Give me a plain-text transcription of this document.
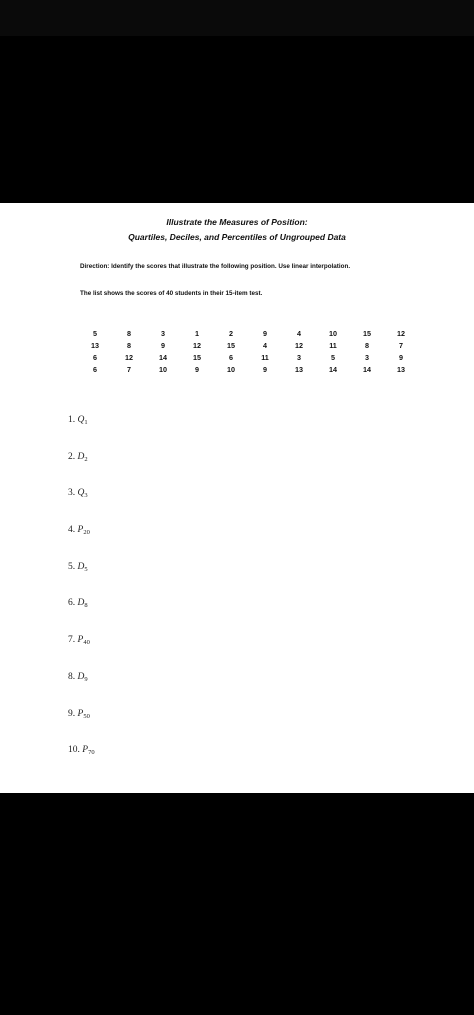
Illustrate the Measures of Position:
Quartiles, Deciles, and Percentiles of Ungrouped Data
Direction: Identify the scores that illustrate the following position. Use linear interpolation.
The list shows the scores of 40 students in their 15-item test.
5	8	3	1	2	9	4	10	15	12
13	8	9	12	15	4	12	11	8	7
6	12	14	15	6	11	3	5	3	9
6	7	10	9	10	9	13	14	14	13
1. $Q_1$
2. $D_2$
3. $Q_3$
4. $P_{20}$
5. $D_5$
6. $D_8$
7. $P_{40}$
8. $D_9$
9. $P_{50}$
10. $P_{70}$
